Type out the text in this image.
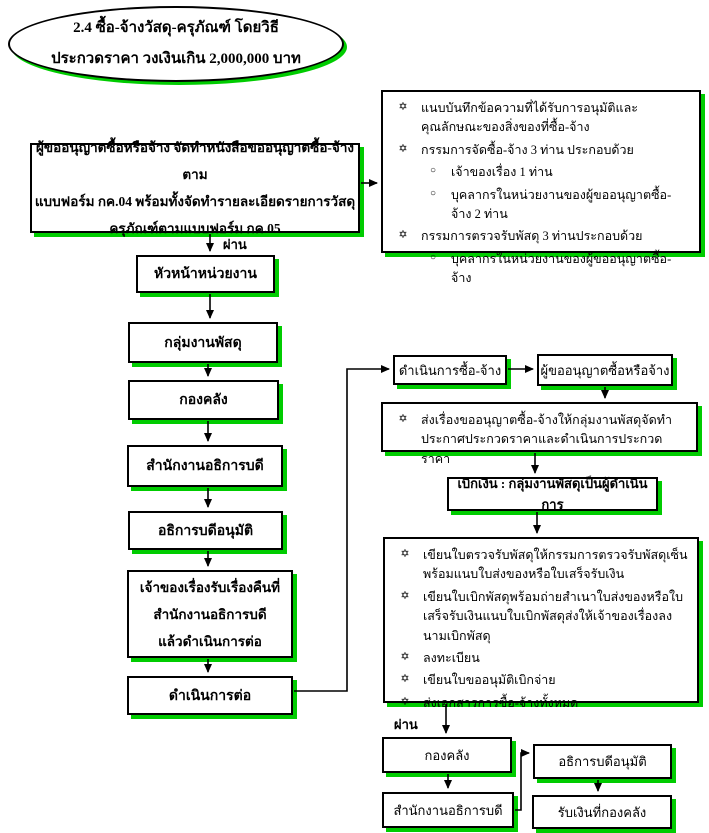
2.4 ซื้อ-จ้างวัสดุ-ครุภัณฑ์ โดยวิธี
ประกวดราคา วงเงินเกิน 2,000,000 บาท
ผู้ขออนุญาตซื้อหรือจ้าง จัดทำหนังสือขออนุญาตซื้อ-จ้างตาม
แบบฟอร์ม กค.04 พร้อมทั้งจัดทำรายละเอียดรายการวัสดุ
ครุภัณฑ์ตามแบบฟอร์ม กค.05
✡ แนบบันทึกข้อความที่ได้รับการอนุมัติและคุณลักษณะของสิ่งของที่ซื้อ-จ้าง
✡ กรรมการจัดซื้อ-จ้าง 3 ท่าน ประกอบด้วย
○	เจ้าของเรื่อง 1 ท่าน
○	บุคลากรในหน่วยงานของผู้ขออนุญาตซื้อ-จ้าง 2 ท่าน
✡ กรรมการตรวจรับพัสดุ 3 ท่านประกอบด้วย
○	บุคลากรในหน่วยงานของผู้ขออนุญาตซื้อ-จ้าง
ผ่าน
หัวหน้าหน่วยงาน
กลุ่มงานพัสดุ
กองคลัง
สำนักงานอธิการบดี
อธิการบดีอนุมัติ
เจ้าของเรื่องรับเรื่องคืนที่
สำนักงานอธิการบดี
แล้วดำเนินการต่อ
ดำเนินการต่อ
ดำเนินการซื้อ-จ้าง	ผู้ขออนุญาตซื้อหรือจ้าง
✡ ส่งเรื่องขออนุญาตซื้อ-จ้างให้กลุ่มงานพัสดุจัดทำประกาศประกวดราคาและดำเนินการประกวดราคา
เบิกเงิน : กลุ่มงานพัสดุเป็นผู้ดำเนินการ
✡ เขียนใบตรวจรับพัสดุให้กรรมการตรวจรับพัสดุเซ็นพร้อมแนบใบส่งของหรือใบเสร็จรับเงิน
✡ เขียนใบเบิกพัสดุพร้อมถ่ายสำเนาใบส่งของหรือใบเสร็จรับเงินแนบใบเบิกพัสดุส่งให้เจ้าของเรื่องลงนามเบิกพัสดุ
✡ ลงทะเบียน
✡ เขียนใบขออนุมัติเบิกจ่าย
✡ ส่งเอกสารการซื้อ-จ้างทั้งหมด
ผ่าน
กองคลัง
สำนักงานอธิการบดี
อธิการบดีอนุมัติ
รับเงินที่กองคลัง
